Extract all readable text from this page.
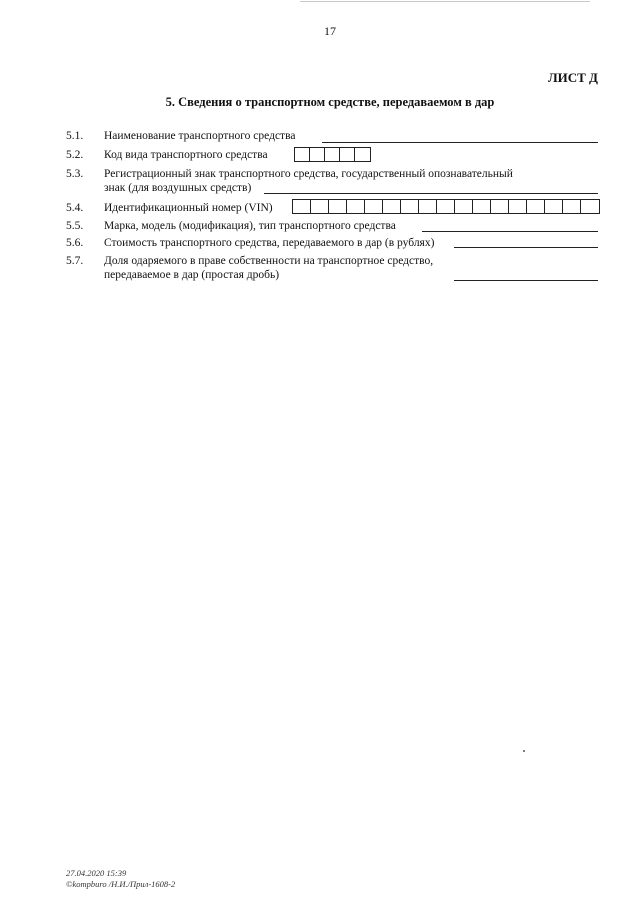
17
ЛИСТ Д
5. Сведения о транспортном средстве, передаваемом в дар
5.1. Наименование транспортного средства
5.2. Код вида транспортного средства
5.3. Регистрационный знак транспортного средства, государственный опознавательный
знак (для воздушных средств)
5.4. Идентификационный номер (VIN)
5.5. Марка, модель (модификация), тип транспортного средства
5.6. Стоимость транспортного средства, передаваемого в дар (в рублях)
5.7. Доля одаряемого в праве собственности на транспортное средство,
передаваемое в дар (простая дробь)
27.04.2020 15:39
©kompburo /Н.И./Прил-1608-2
